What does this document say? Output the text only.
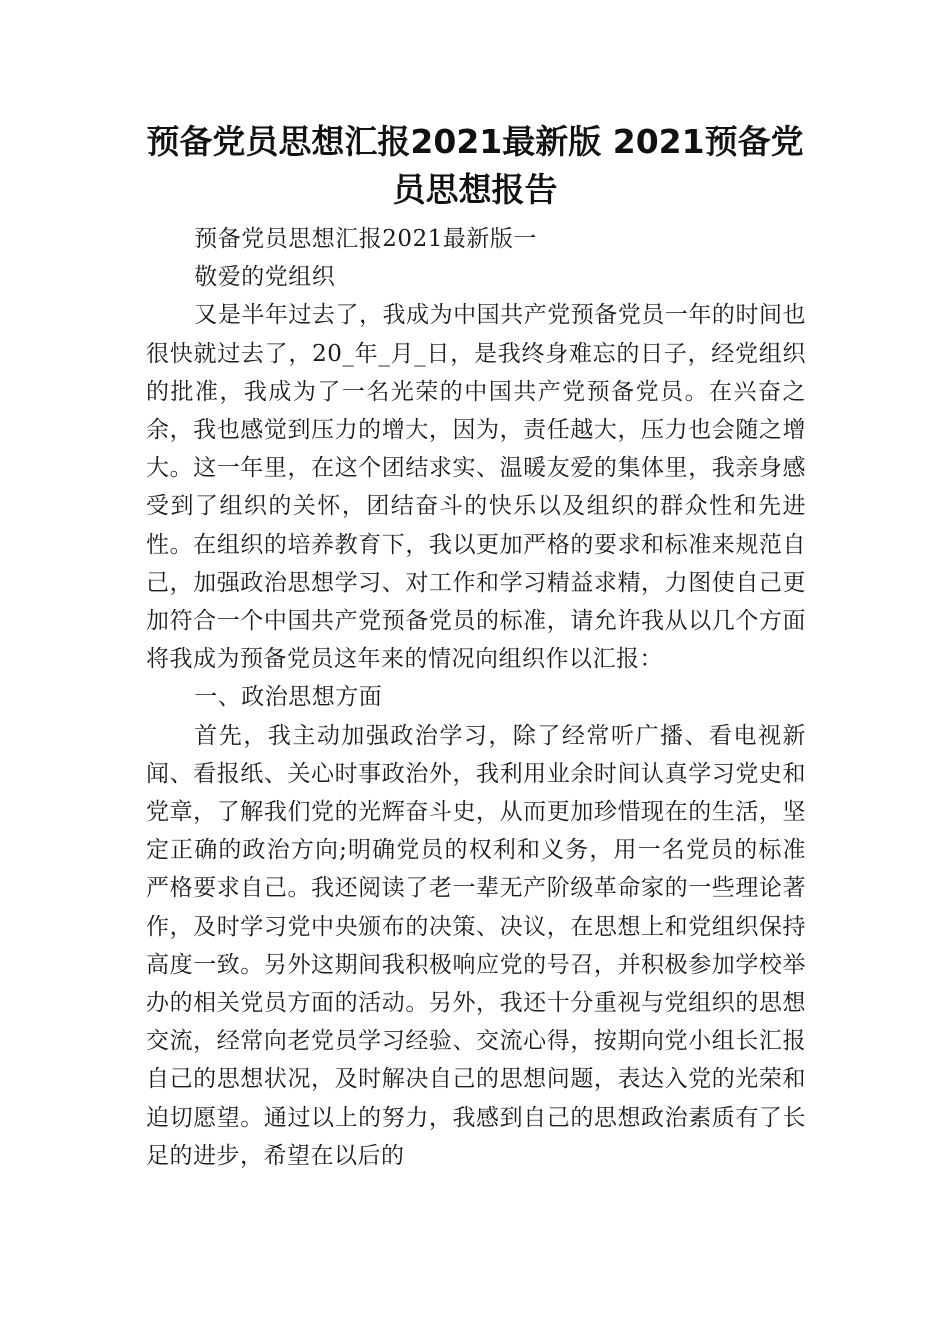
预备党员思想汇报2021最新版 2021预备党员思想报告

预备党员思想汇报2021最新版一

敬爱的党组织

又是半年过去了，我成为中国共产党预备党员一年的时间也很快就过去了，20_年_月_日，是我终身难忘的日子，经党组织的批准，我成为了一名光荣的中国共产党预备党员。在兴奋之余，我也感觉到压力的增大，因为，责任越大，压力也会随之增大。这一年里，在这个团结求实、温暖友爱的集体里，我亲身感受到了组织的关怀，团结奋斗的快乐以及组织的群众性和先进性。在组织的培养教育下，我以更加严格的要求和标准来规范自己，加强政治思想学习、对工作和学习精益求精，力图使自己更加符合一个中国共产党预备党员的标准，请允许我从以几个方面将我成为预备党员这年来的情况向组织作以汇报：

一、政治思想方面

首先，我主动加强政治学习，除了经常听广播、看电视新闻、看报纸、关心时事政治外，我利用业余时间认真学习党史和党章，了解我们党的光辉奋斗史，从而更加珍惜现在的生活，坚定正确的政治方向;明确党员的权利和义务，用一名党员的标准严格要求自己。我还阅读了老一辈无产阶级革命家的一些理论著作，及时学习党中央颁布的决策、决议，在思想上和党组织保持高度一致。另外这期间我积极响应党的号召，并积极参加学校举办的相关党员方面的活动。另外，我还十分重视与党组织的思想交流，经常向老党员学习经验、交流心得，按期向党小组长汇报自己的思想状况，及时解决自己的思想问题，表达入党的光荣和迫切愿望。通过以上的努力，我感到自己的思想政治素质有了长足的进步，希望在以后的
